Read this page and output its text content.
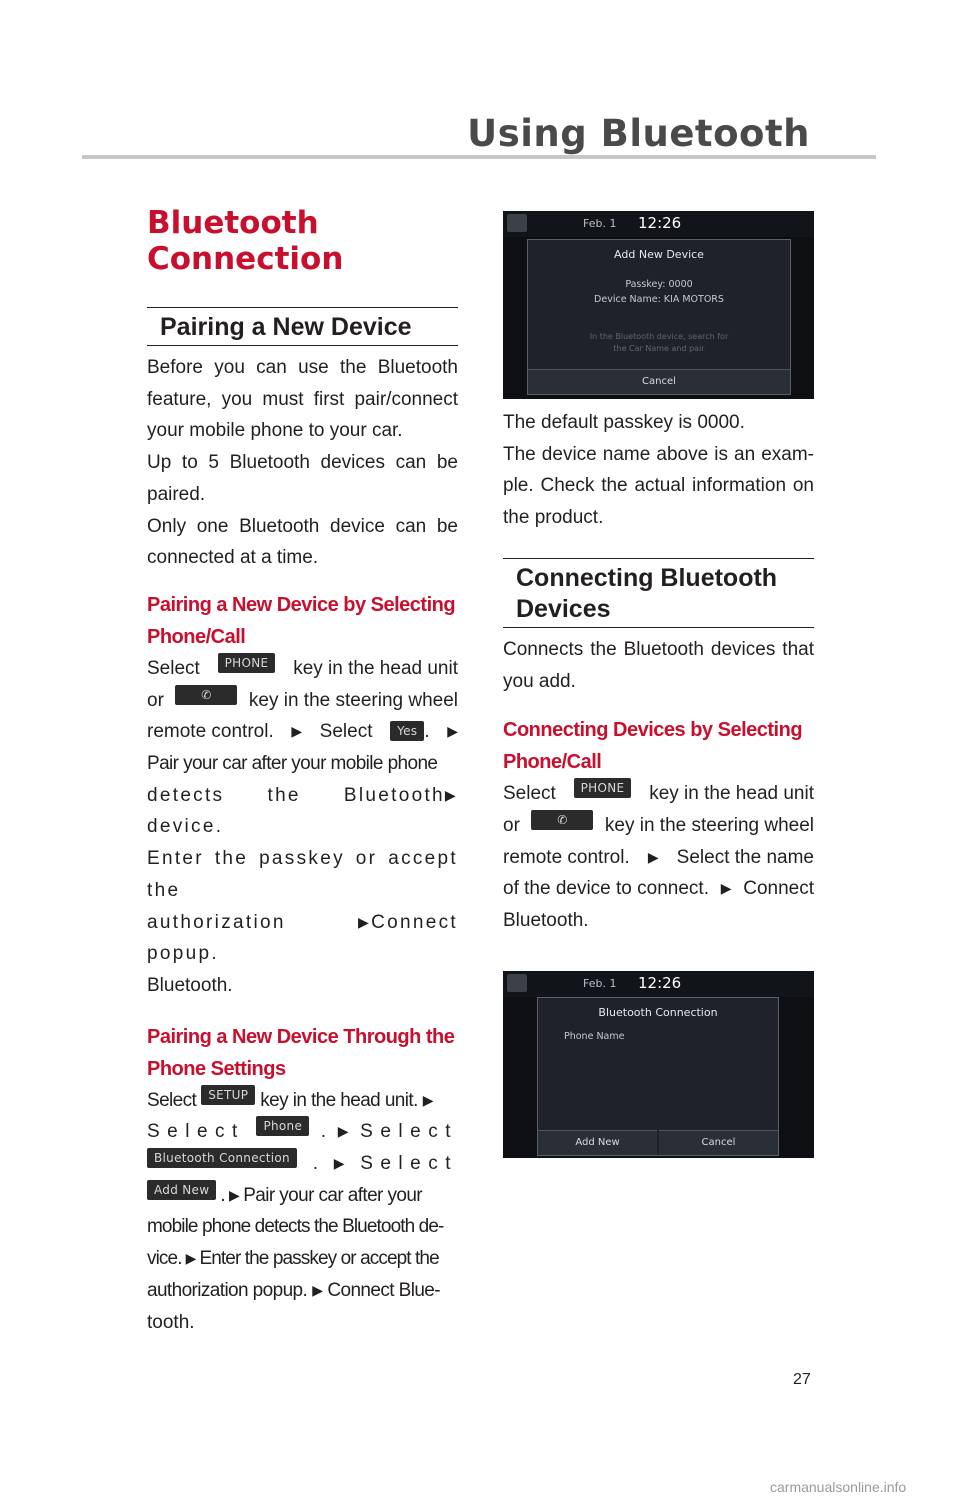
Using Bluetooth
Bluetooth
Connection
Pairing a New Device

Before you can use the Bluetooth feature, you must first pair/connect your mobile phone to your car.

Up to 5 Bluetooth devices can be paired.

Only one Bluetooth device can be connected at a time.

Pairing a New Device by Selecting
Phone/Call
Select	PHONE	key in the head unit
or	✆	key in the steering wheel
remote control. ▶ Select	Yes . ▶
Pair your car after your mobile phone
detects the Bluetooth device.
▶
Enter the passkey or accept the
authorization popup.
▶ Connect
Bluetooth.
Pairing a New Device Through the
Phone Settings
Select	SETUP key in the head unit. ▶
Select	Phone . ▶ Select
Bluetooth Connection	. ▶ Select
Add New . ▶ Pair your car after your
mobile phone detects the Bluetooth de-
vice. ▶ Enter the passkey or accept the
authorization popup. ▶ Connect Blue-
tooth.
Feb. 1 12:26
Add New Device
Passkey: 0000
Device Name: KIA MOTORS
In the Bluetooth device, search for
the Car Name and pair
Cancel

The default passkey is 0000.

The device name above is an exam- ple. Check the actual information on the product.

Connecting Bluetooth
Devices

Connects the Bluetooth devices that you add.

Connecting Devices by Selecting
Phone/Call
Select	PHONE	key in the head unit
or	✆	key in the steering wheel
remote control. ▶ Select the name
of the device to connect. ▶ Connect
Bluetooth.
Feb. 1 12:26
Bluetooth Connection
Phone Name
Add New	Cancel
27
carmanualsonline.info
